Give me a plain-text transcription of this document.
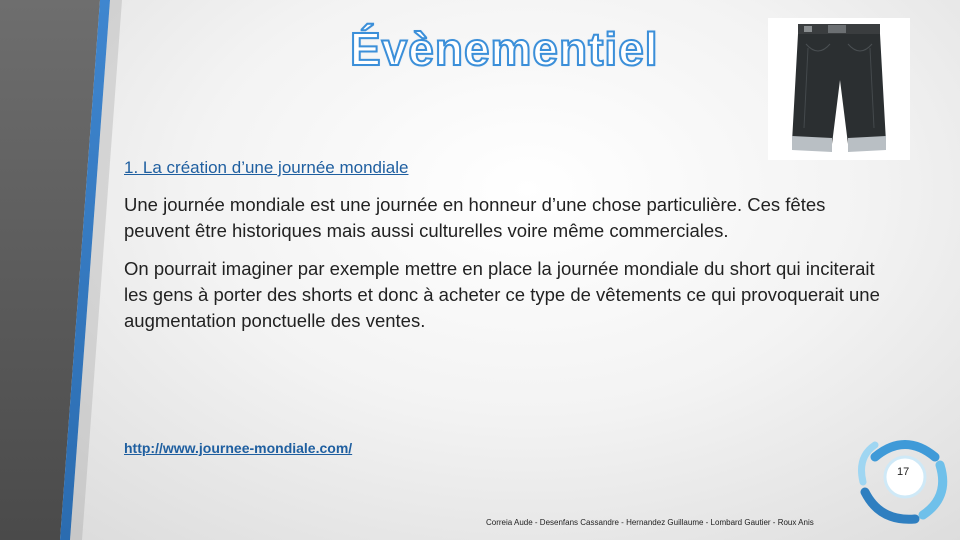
Évènementiel
1. La création d’une journée mondiale

Une journée mondiale est une journée en honneur d’une chose particulière. Ces fêtes peuvent être historiques mais aussi culturelles voire même commerciales.

On pourrait imaginer par exemple mettre en place la journée mondiale du short qui inciterait les gens à porter des shorts et donc à acheter ce type de vêtements ce qui provoquerait une augmentation ponctuelle des ventes.

http://www.journee-mondiale.com/
17
Correia Aude - Desenfans Cassandre - Hernandez Guillaume - Lombard Gautier - Roux Anis
